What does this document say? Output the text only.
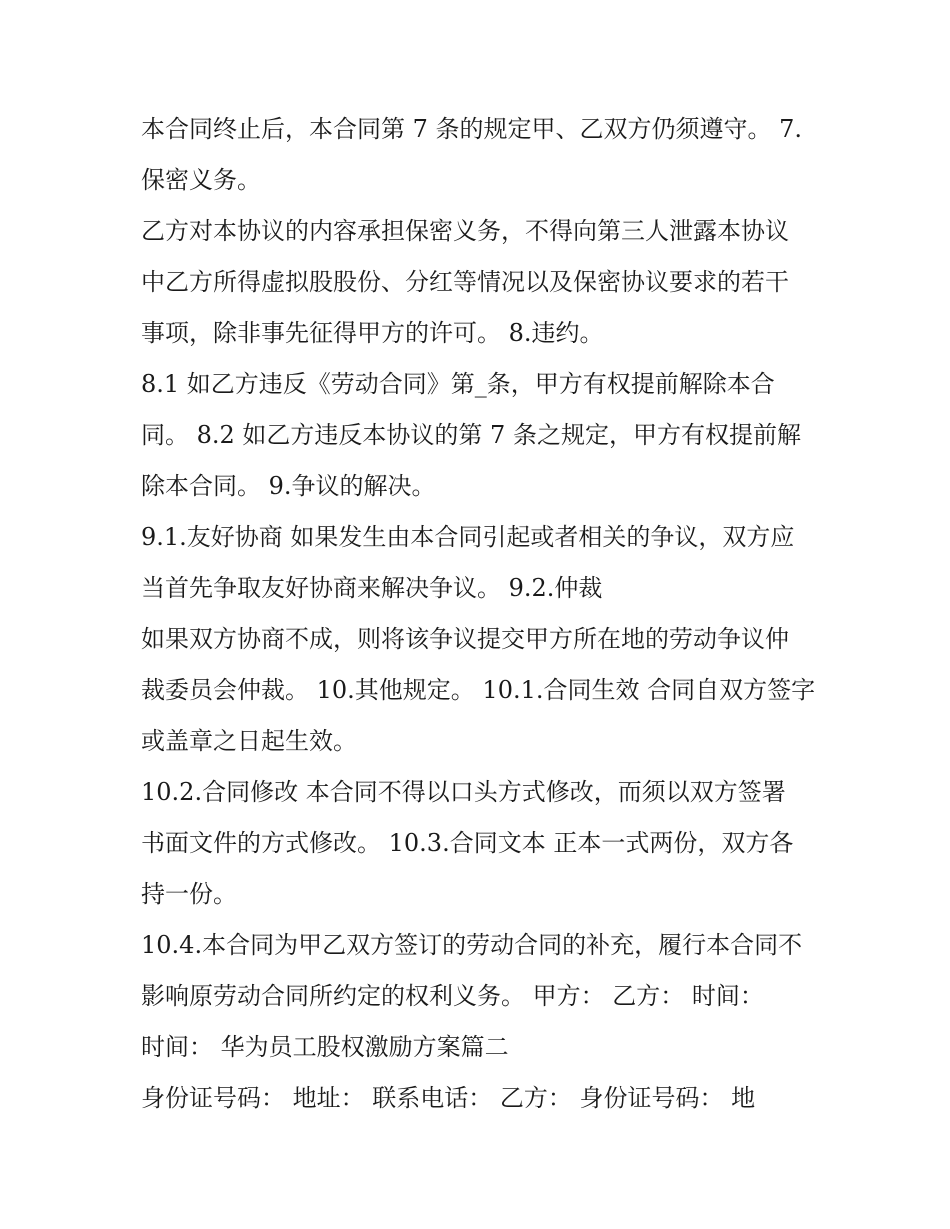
本合同终止后，本合同第 7 条的规定甲、乙双方仍须遵守。 7.
保密义务。
乙方对本协议的内容承担保密义务，不得向第三人泄露本协议
中乙方所得虚拟股股份、分红等情况以及保密协议要求的若干
事项，除非事先征得甲方的许可。 8.违约。
8.1 如乙方违反《劳动合同》第_条，甲方有权提前解除本合
同。 8.2 如乙方违反本协议的第 7 条之规定，甲方有权提前解
除本合同。 9.争议的解决。
9.1.友好协商 如果发生由本合同引起或者相关的争议，双方应
当首先争取友好协商来解决争议。 9.2.仲裁
如果双方协商不成，则将该争议提交甲方所在地的劳动争议仲
裁委员会仲裁。 10.其他规定。 10.1.合同生效 合同自双方签字
或盖章之日起生效。
10.2.合同修改 本合同不得以口头方式修改，而须以双方签署
书面文件的方式修改。 10.3.合同文本 正本一式两份，双方各
持一份。
10.4.本合同为甲乙双方签订的劳动合同的补充，履行本合同不
影响原劳动合同所约定的权利义务。 甲方： 乙方： 时间：
时间： 华为员工股权激励方案篇二
身份证号码： 地址： 联系电话： 乙方： 身份证号码： 地
